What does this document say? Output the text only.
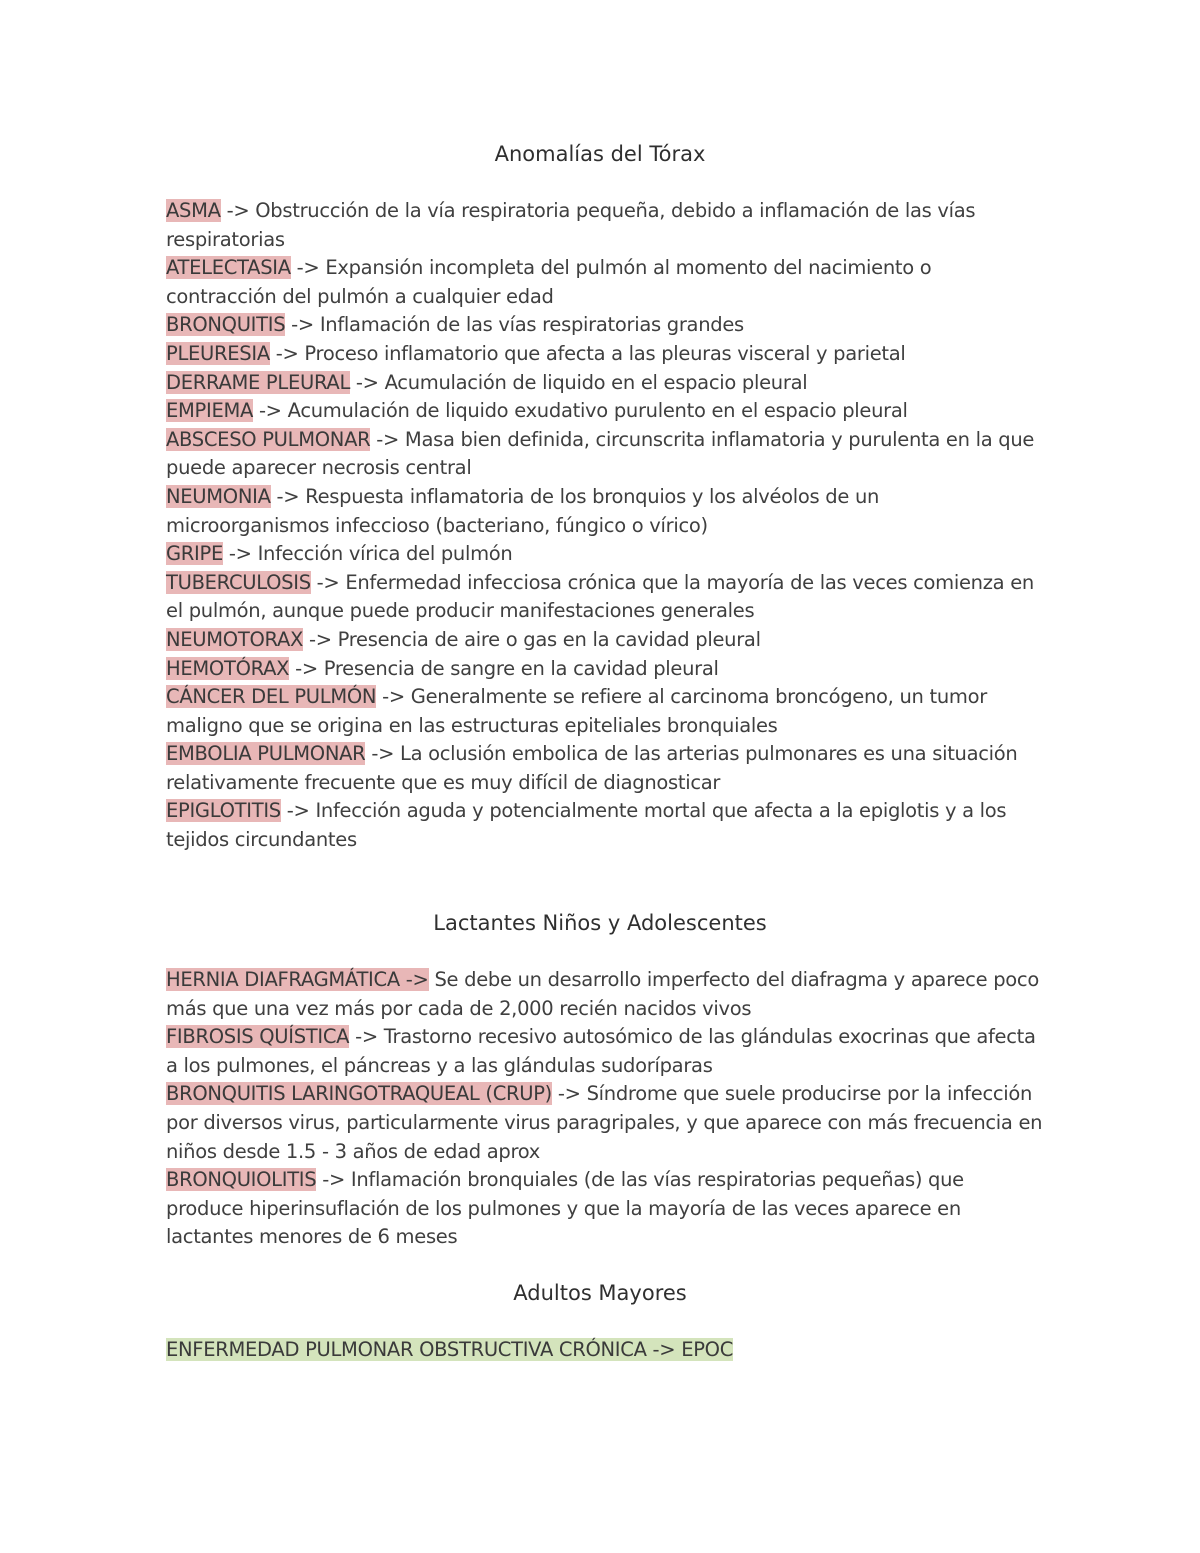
Anomalías del Tórax

ASMA -> Obstrucción de la vía respiratoria pequeña, debido a inflamación de las vías respiratorias

ATELECTASIA -> Expansión incompleta del pulmón al momento del nacimiento o contracción del pulmón a cualquier edad

BRONQUITIS -> Inflamación de las vías respiratorias grandes

PLEURESIA -> Proceso inflamatorio que afecta a las pleuras visceral y parietal

DERRAME PLEURAL -> Acumulación de liquido en el espacio pleural

EMPIEMA -> Acumulación de liquido exudativo purulento en el espacio pleural

ABSCESO PULMONAR -> Masa bien definida, circunscrita inflamatoria y purulenta en la que puede aparecer necrosis central

NEUMONIA -> Respuesta inflamatoria de los bronquios y los alvéolos de un microorganismos infeccioso (bacteriano, fúngico o vírico)

GRIPE -> Infección vírica del pulmón

TUBERCULOSIS -> Enfermedad infecciosa crónica que la mayoría de las veces comienza en el pulmón, aunque puede producir manifestaciones generales

NEUMOTORAX -> Presencia de aire o gas en la cavidad pleural

HEMOTÓRAX -> Presencia de sangre en la cavidad pleural

CÁNCER DEL PULMÓN -> Generalmente se refiere al carcinoma broncógeno, un tumor maligno que se origina en las estructuras epiteliales bronquiales

EMBOLIA PULMONAR -> La oclusión embolica de las arterias pulmonares es una situación relativamente frecuente que es muy difícil de diagnosticar

EPIGLOTITIS -> Infección aguda y potencialmente mortal que afecta a la epiglotis y a los tejidos circundantes

Lactantes Niños y Adolescentes

HERNIA DIAFRAGMÁTICA -> Se debe un desarrollo imperfecto del diafragma y aparece poco más que una vez más por cada de 2,000 recién nacidos vivos

FIBROSIS QUÍSTICA -> Trastorno recesivo autosómico de las glándulas exocrinas que afecta a los pulmones, el páncreas y a las glándulas sudoríparas

BRONQUITIS LARINGOTRAQUEAL (CRUP) -> Síndrome que suele producirse por la infección por diversos virus, particularmente virus paragripales, y que aparece con más frecuencia en niños desde 1.5 - 3 años de edad aprox

BRONQUIOLITIS -> Inflamación bronquiales (de las vías respiratorias pequeñas) que produce hiperinsuflación de los pulmones y que la mayoría de las veces aparece en lactantes menores de 6 meses

Adultos Mayores

ENFERMEDAD PULMONAR OBSTRUCTIVA CRÓNICA -> EPOC
